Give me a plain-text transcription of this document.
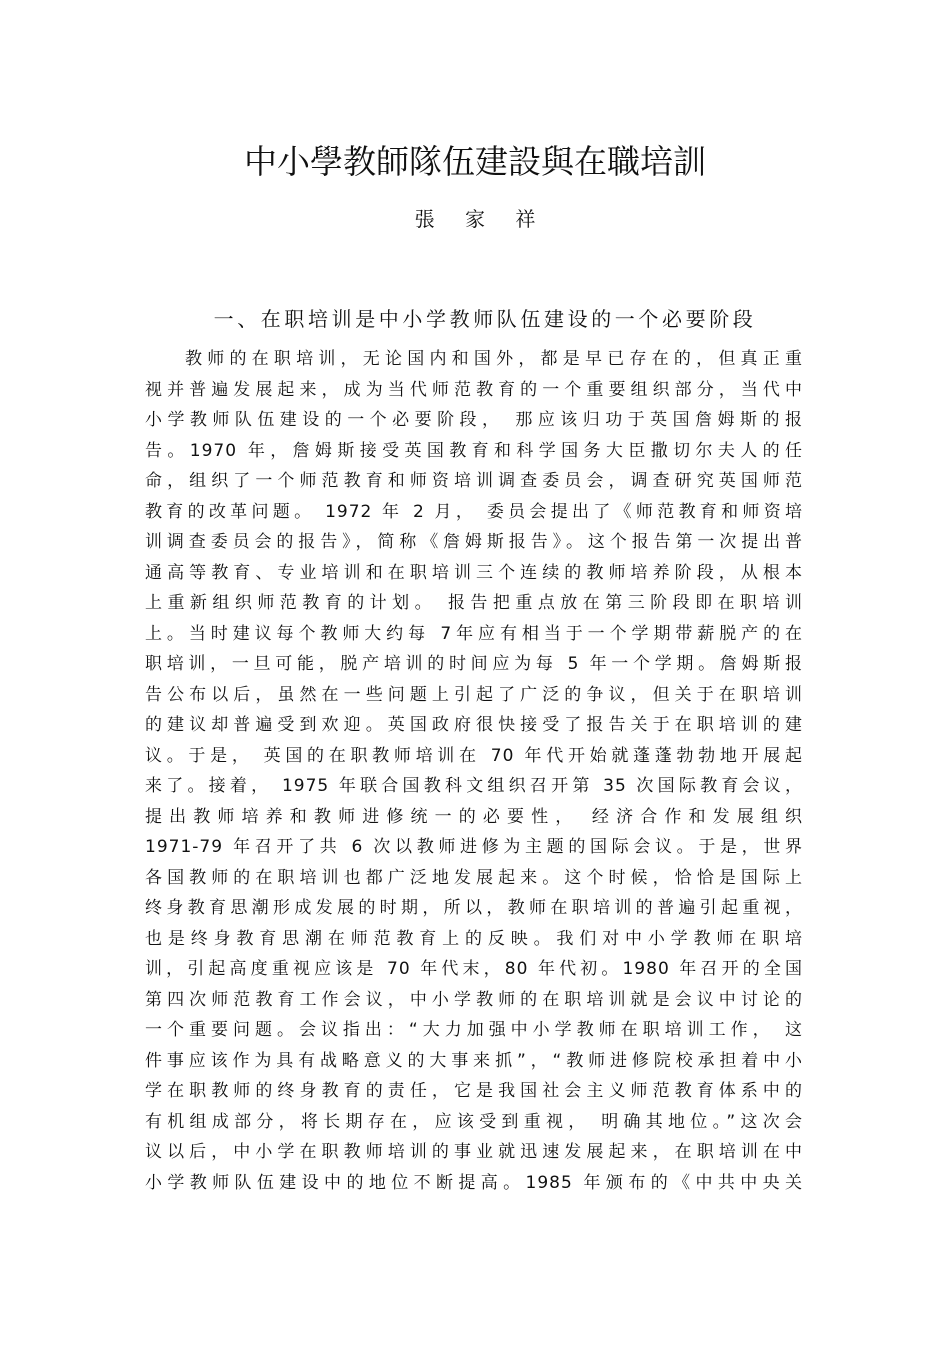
中小學教師隊伍建設與在職培訓
張 家 祥
一、在职培训是中小学教师队伍建设的一个必要阶段
教师的在职培训，无论国内和国外，都是早已存在的，但真正重
视并普遍发展起来，成为当代师范教育的一个重要组织部分，当代中
小学教师队伍建设的一个必要阶段， 那应该归功于英国詹姆斯的报
告。1970 年，詹姆斯接受英国教育和科学国务大臣撒切尔夫人的任
命，组织了一个师范教育和师资培训调查委员会，调查研究英国师范
教育的改革问题。 1972 年 2 月， 委员会提出了《师范教育和师资培
训调查委员会的报告》，简称《詹姆斯报告》。这个报告第一次提出普
通高等教育、专业培训和在职培训三个连续的教师培养阶段，从根本
上重新组织师范教育的计划。 报告把重点放在第三阶段即在职培训
上。当时建议每个教师大约每 7年应有相当于一个学期带薪脱产的在
职培训，一旦可能，脱产培训的时间应为每 5 年一个学期。詹姆斯报
告公布以后，虽然在一些问题上引起了广泛的争议，但关于在职培训
的建议却普遍受到欢迎。英国政府很快接受了报告关于在职培训的建
议。于是， 英国的在职教师培训在 70 年代开始就蓬蓬勃勃地开展起
来了。接着， 1975 年联合国教科文组织召开第 35 次国际教育会议，
提出教师培养和教师进修统一的必要性， 经济合作和发展组织
1971-79 年召开了共 6 次以教师进修为主题的国际会议。于是，世界
各国教师的在职培训也都广泛地发展起来。这个时候，恰恰是国际上
终身教育思潮形成发展的时期，所以，教师在职培训的普遍引起重视，
也是终身教育思潮在师范教育上的反映。我们对中小学教师在职培
训，引起高度重视应该是 70 年代末，80 年代初。1980 年召开的全国
第四次师范教育工作会议，中小学教师的在职培训就是会议中讨论的
一个重要问题。会议指出：“大力加强中小学教师在职培训工作， 这
件事应该作为具有战略意义的大事来抓”，“教师进修院校承担着中小
学在职教师的终身教育的责任，它是我国社会主义师范教育体系中的
有机组成部分，将长期存在，应该受到重视， 明确其地位。”这次会
议以后，中小学在职教师培训的事业就迅速发展起来，在职培训在中
小学教师队伍建设中的地位不断提高。1985 年颁布的《中共中央关
